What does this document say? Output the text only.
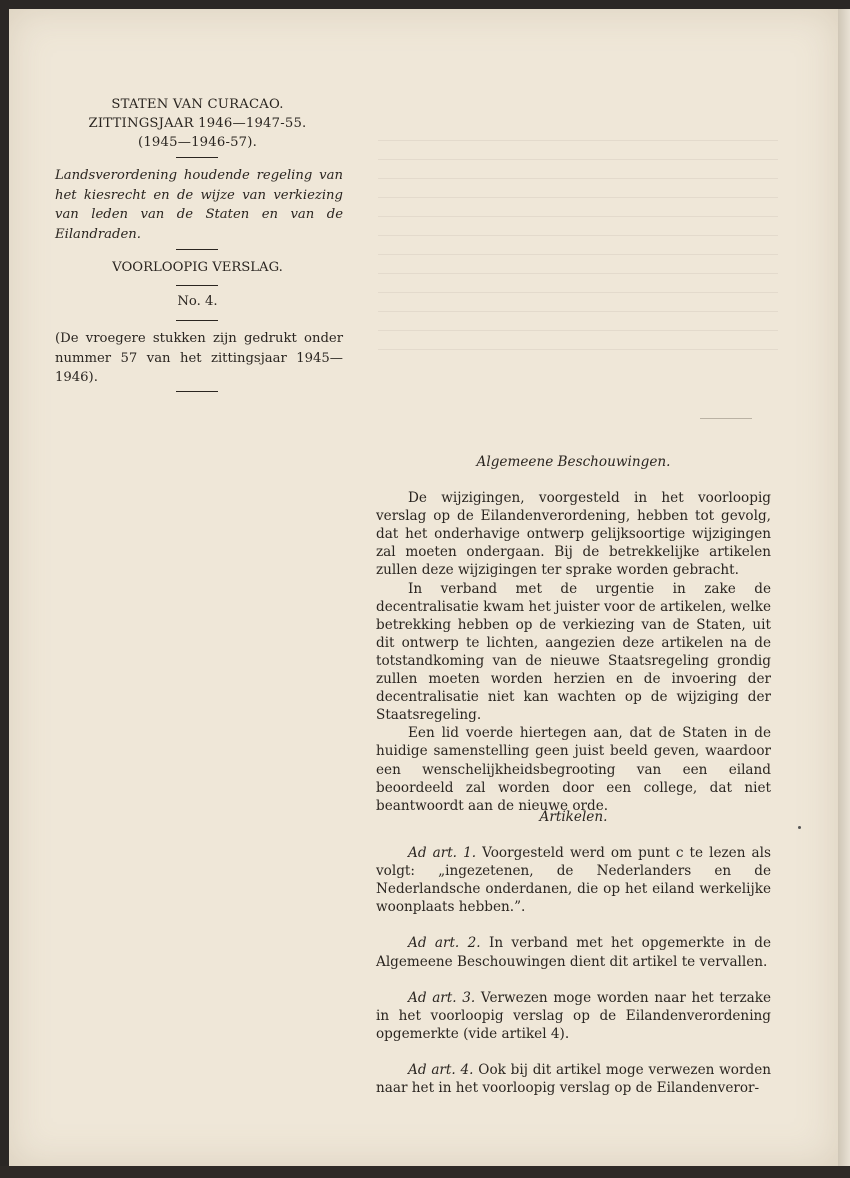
STATEN VAN CURACAO.
ZITTINGSJAAR 1946—1947-55.
(1945—1946-57).
Landsverordening houdende regeling van het kiesrecht en de wijze van verkiezing van leden van de Staten en van de Eilandraden.
VOORLOOPIG VERSLAG.
No. 4.
(De vroegere stukken zijn gedrukt onder nummer 57 van het zittingsjaar 1945—1946).
Algemeene Beschouwingen.

De wijzigingen, voorgesteld in het voorloopig verslag op de Eilandenverordening, hebben tot gevolg, dat het onderhavige ontwerp gelijksoortige wijzigingen zal moeten ondergaan. Bij de betrekkelijke artikelen zullen deze wijzigingen ter sprake worden gebracht.

In verband met de urgentie in zake de decentralisatie kwam het juister voor de artikelen, welke betrekking hebben op de verkiezing van de Staten, uit dit ontwerp te lichten, aangezien deze artikelen na de totstandkoming van de nieuwe Staatsregeling grondig zullen moeten worden herzien en de invoering der decentralisatie niet kan wachten op de wijziging der Staatsregeling.

Een lid voerde hiertegen aan, dat de Staten in de huidige samenstelling geen juist beeld geven, waardoor een wenschelijkheidsbegrooting van een eiland beoordeeld zal worden door een college, dat niet beantwoordt aan de nieuwe orde.

Artikelen.

Ad art. 1. Voorgesteld werd om punt c te lezen als volgt: „ingezetenen, de Nederlanders en de Nederlandsche onderdanen, die op het eiland werkelijke woonplaats hebben.”.

Ad art. 2. In verband met het opgemerkte in de Algemeene Beschouwingen dient dit artikel te vervallen.

Ad art. 3. Verwezen moge worden naar het terzake in het voorloopig verslag op de Eilandenverordening opgemerkte (vide artikel 4).

Ad art. 4. Ook bij dit artikel moge verwezen worden naar het in het voorloopig verslag op de Eilandenveror-
